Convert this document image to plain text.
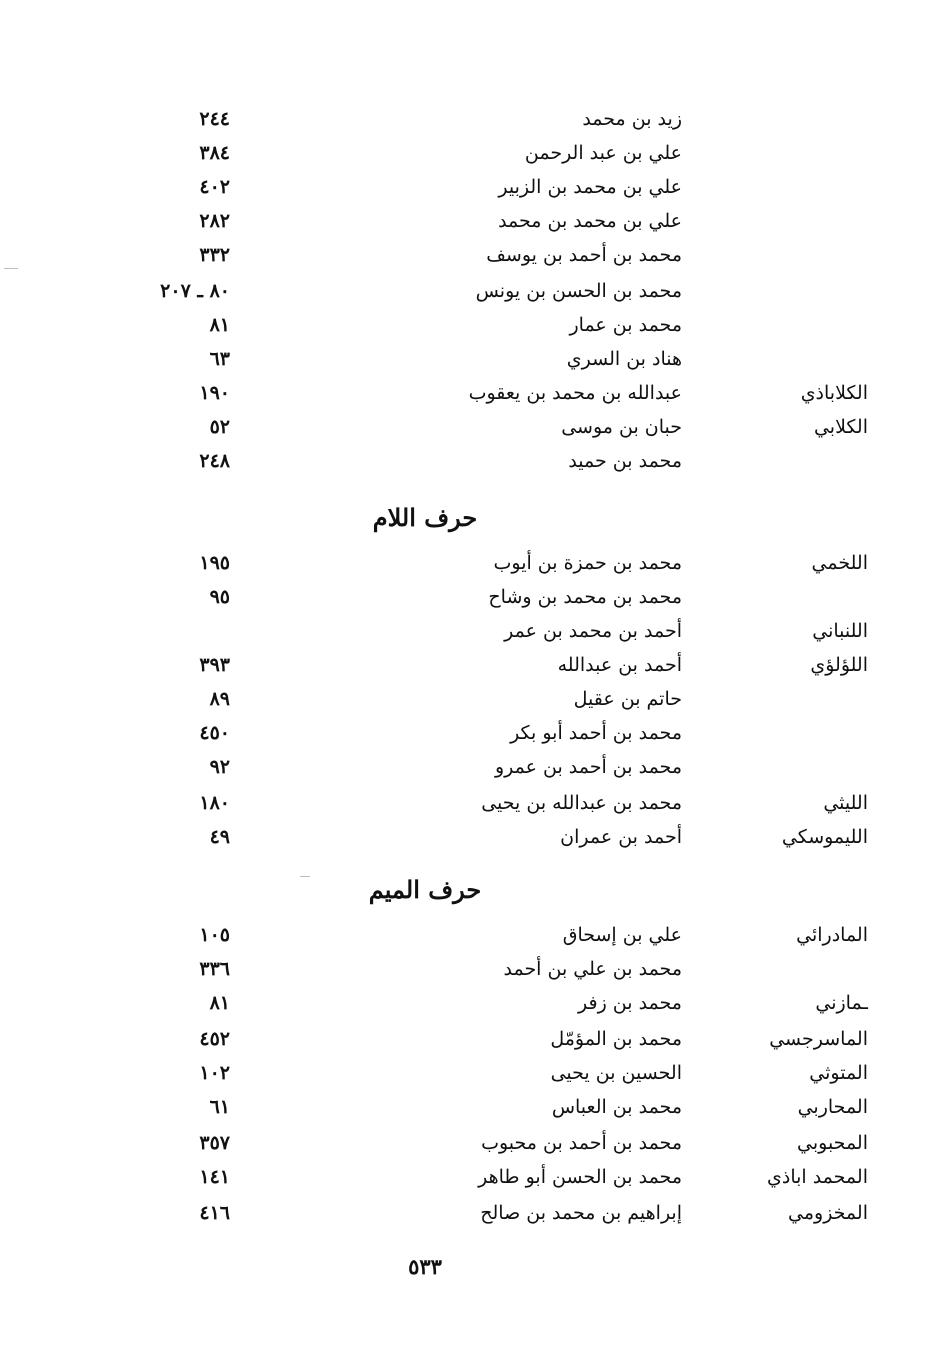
زيد بن محمد
٢٤٤
علي بن عبد الرحمن
٣٨٤
علي بن محمد بن الزبير
٤٠٢
علي بن محمد بن محمد
٢٨٢
محمد بن أحمد بن يوسف
٣٣٢
محمد بن الحسن بن يونس
٨٠ ـ ٢٠٧
محمد بن عمار
٨١
هناد بن السري
٦٣
الكلاباذي
عبدالله بن محمد بن يعقوب
١٩٠
الكلابي
حبان بن موسى
٥٢
محمد بن حميد
٢٤٨
حرف اللام
اللخمي
محمد بن حمزة بن أيوب
١٩٥
محمد بن محمد بن وشاح
٩٥
اللنباني
أحمد بن محمد بن عمر
اللؤلؤي
أحمد بن عبدالله
٣٩٣
حاتم بن عقيل
٨٩
محمد بن أحمد أبو بكر
٤٥٠
محمد بن أحمد بن عمرو
٩٢
الليثي
محمد بن عبدالله بن يحيى
١٨٠
الليموسكي
أحمد بن عمران
٤٩
حرف الميم
المادرائي
علي بن إسحاق
١٠٥
محمد بن علي بن أحمد
٣٣٦
ـمازني
محمد بن زفر
٨١
الماسرجسي
محمد بن المؤمّل
٤٥٢
المتوثي
الحسين بن يحيى
١٠٢
المحاربي
محمد بن العباس
٦١
المحبوبي
محمد بن أحمد بن محبوب
٣٥٧
المحمد اباذي
محمد بن الحسن أبو طاهر
١٤١
المخزومي
إبراهيم بن محمد بن صالح
٤١٦
٥٣٣
